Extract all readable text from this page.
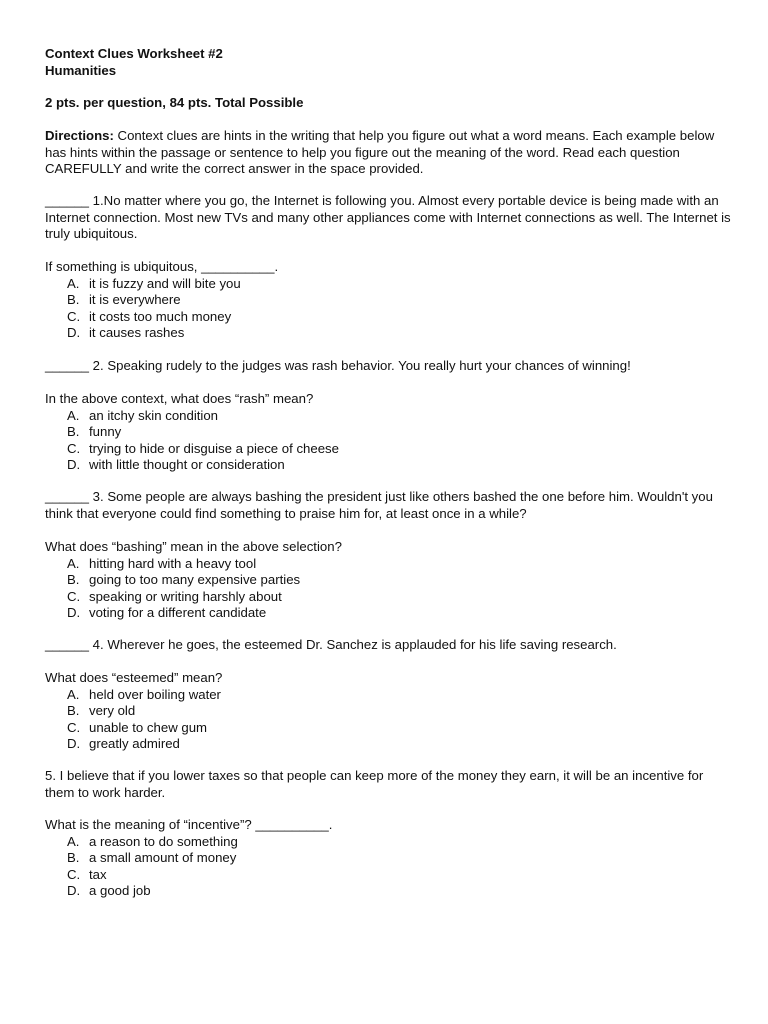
Context Clues Worksheet #2
Humanities
2 pts. per question, 84 pts. Total Possible

Directions: Context clues are hints in the writing that help you figure out what a word means. Each example below has hints within the passage or sentence to help you figure out the meaning of the word. Read each question CAREFULLY and write the correct answer in the space provided.

______ 1.No matter where you go, the Internet is following you. Almost every portable device is being made with an Internet connection. Most new TVs and many other appliances come with Internet connections as well. The Internet is truly ubiquitous.

If something is ubiquitous, __________.
A. it is fuzzy and will bite you
B. it is everywhere
C. it costs too much money
D. it causes rashes

______ 2. Speaking rudely to the judges was rash behavior. You really hurt your chances of winning!

In the above context, what does “rash” mean?
A. an itchy skin condition
B. funny
C. trying to hide or disguise a piece of cheese
D. with little thought or consideration

______ 3. Some people are always bashing the president just like others bashed the one before him. Wouldn't you think that everyone could find something to praise him for, at least once in a while?

What does “bashing” mean in the above selection?
A. hitting hard with a heavy tool
B. going to too many expensive parties
C. speaking or writing harshly about
D. voting for a different candidate

______ 4. Wherever he goes, the esteemed Dr. Sanchez is applauded for his life saving research.

What does “esteemed” mean?
A. held over boiling water
B. very old
C. unable to chew gum
D. greatly admired

5. I believe that if you lower taxes so that people can keep more of the money they earn, it will be an incentive for them to work harder.

What is the meaning of “incentive”? __________.
A. a reason to do something
B. a small amount of money
C. tax
D. a good job
